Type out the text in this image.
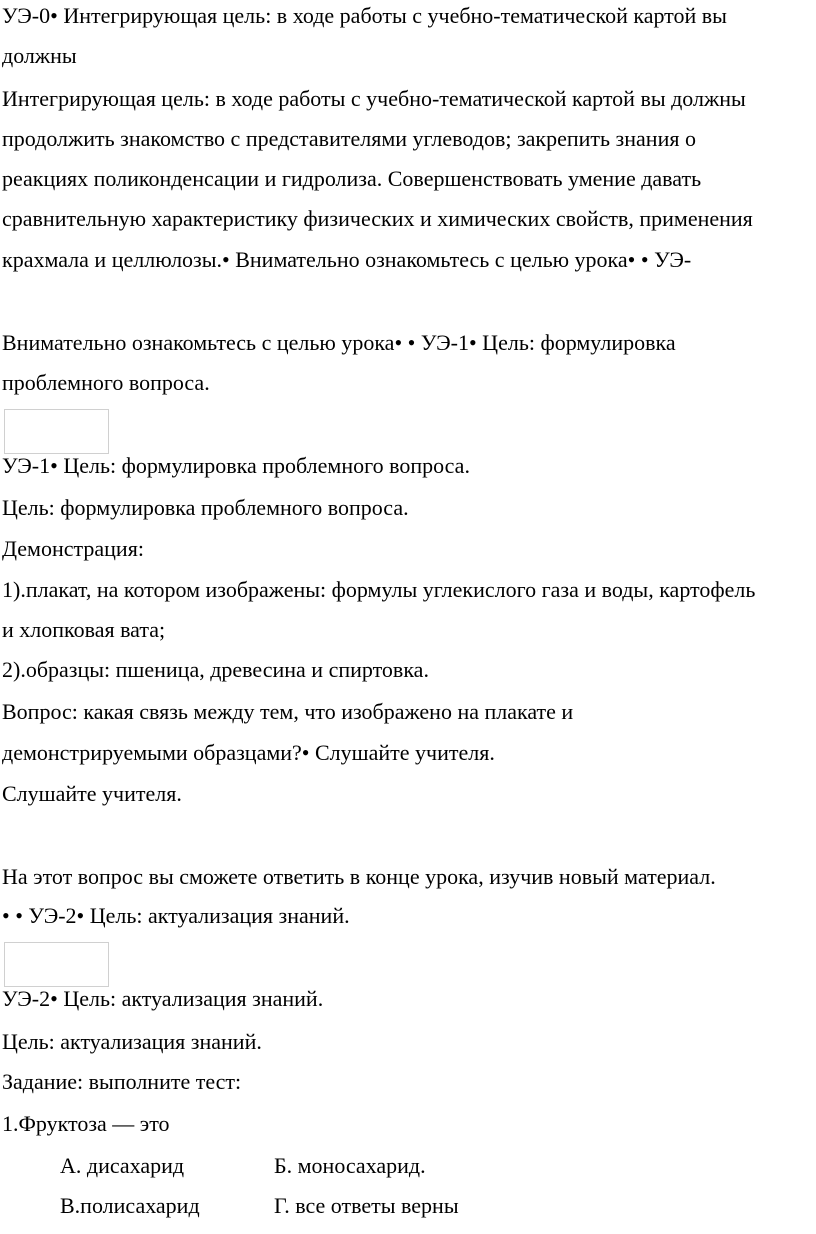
УЭ-0• Интегрирующая цель: в ходе работы с учебно-тематической картой вы
должны
Интегрирующая цель: в ходе работы с учебно-тематической картой вы должны
продолжить знакомство с представителями углеводов; закрепить знания о
реакциях поликонденсации и гидролиза. Совершенствовать умение давать
сравнительную характеристику физических и химических свойств, применения
крахмала и целлюлозы.• Внимательно ознакомьтесь с целью урока• • УЭ-
Внимательно ознакомьтесь с целью урока• • УЭ-1• Цель: формулировка
проблемного вопроса.
УЭ-1• Цель: формулировка проблемного вопроса.
Цель: формулировка проблемного вопроса.
Демонстрация:
1).плакат, на котором изображены: формулы углекислого газа и воды, картофель
и хлопковая вата;
2).образцы: пшеница, древесина и спиртовка.
Вопрос: какая связь между тем, что изображено на плакате и
демонстрируемыми образцами?• Слушайте учителя.
Слушайте учителя.
На этот вопрос вы сможете ответить в конце урока, изучив новый материал.
• • УЭ-2• Цель: актуализация знаний.
УЭ-2• Цель: актуализация знаний.
Цель: актуализация знаний.
Задание: выполните тест:
1.Фруктоза — это
А. дисахарид	Б. моносахарид.
В.полисахарид	Г. все ответы верны
